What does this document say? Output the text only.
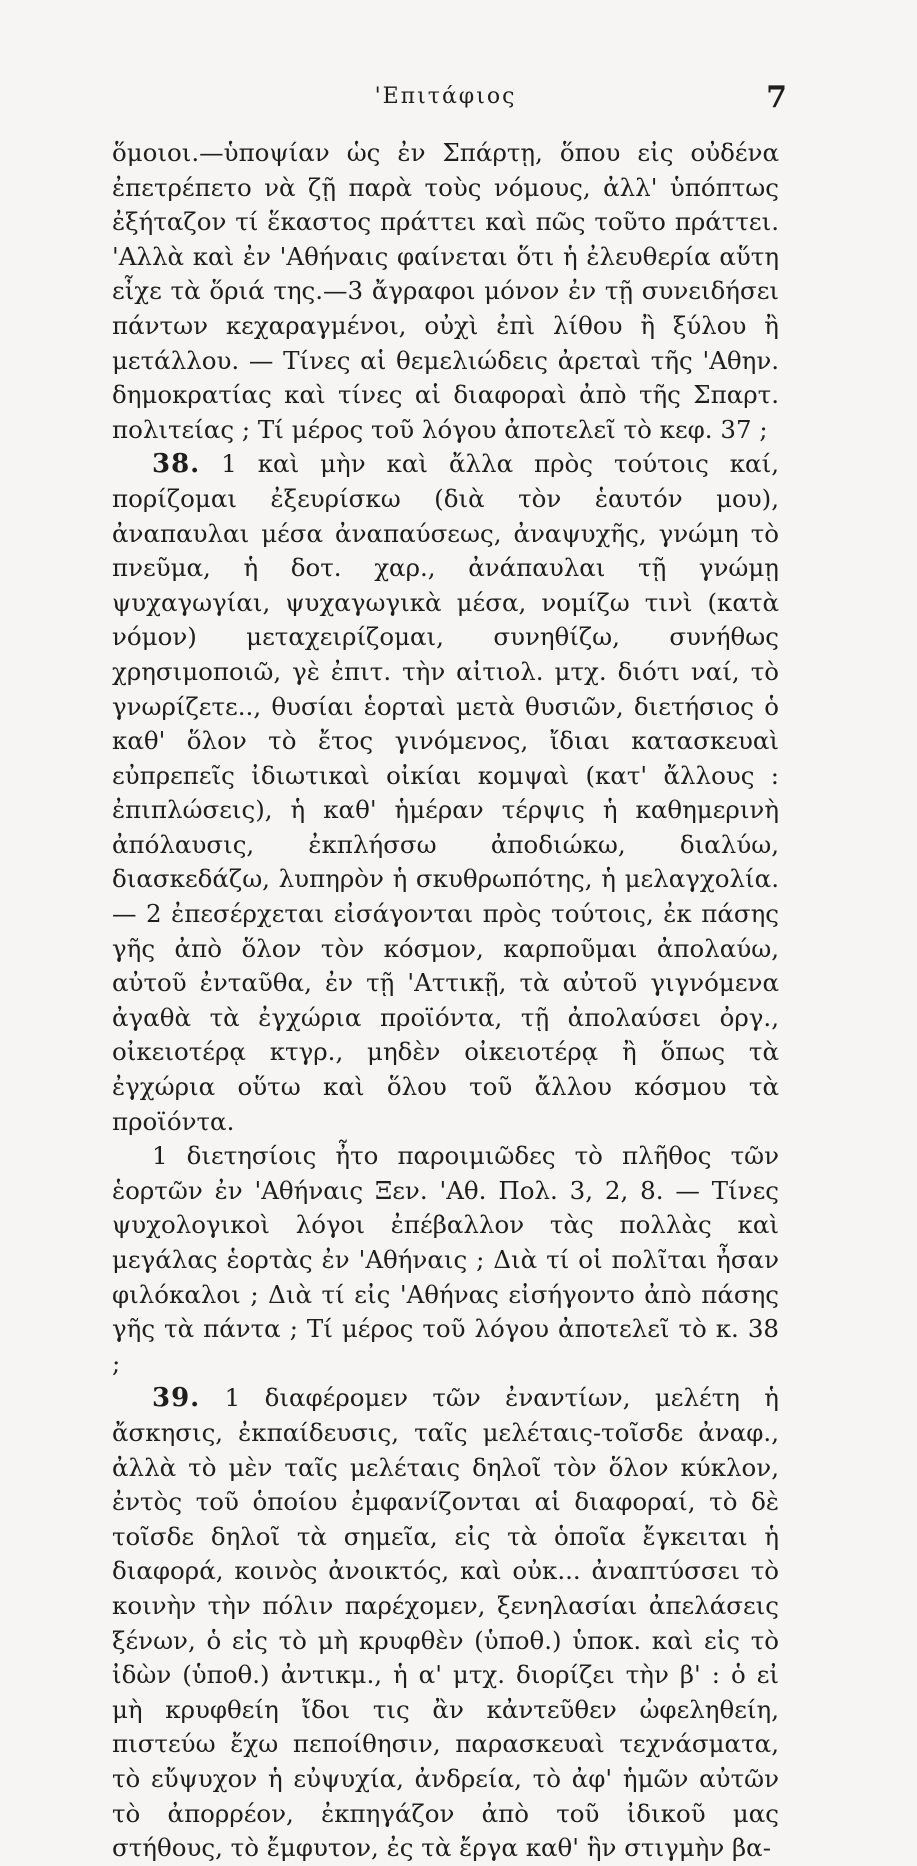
'Επιτάφιος	7

ὅμοιοι.—ὑποψίαν ὡς ἐν Σπάρτῃ, ὅπου εἰς οὐδένα ἐπετρέπετο νὰ ζῇ παρὰ τοὺς νόμους, ἀλλ' ὑπόπτως ἐξήταζον τί ἕκαστος πράττει καὶ πῶς τοῦτο πράττει. 'Αλλὰ καὶ ἐν 'Αθήναις φαίνεται ὅτι ἡ ἐλευθερία αὕτη εἶχε τὰ ὅριά της.—3 ἄγραφοι μόνον ἐν τῇ συνειδήσει πάντων κεχαραγμένοι, οὐχὶ ἐπὶ λίθου ἢ ξύλου ἢ μετάλλου. — Τίνες αἱ θεμελιώδεις ἀρεταὶ τῆς 'Αθην. δημοκρατίας καὶ τίνες αἱ διαφοραὶ ἀπὸ τῆς Σπαρτ. πολιτείας ; Τί μέρος τοῦ λόγου ἀποτελεῖ τὸ κεφ. 37 ;

38. 1 καὶ μὴν καὶ ἄλλα πρὸς τούτοις καί, πορίζομαι ἐξευρίσκω (διὰ τὸν ἑαυτόν μου), ἀναπαυλαι μέσα ἀναπαύσεως, ἀναψυχῆς, γνώμη τὸ πνεῦμα, ἡ δοτ. χαρ., ἀνάπαυλαι τῇ γνώμῃ ψυχαγωγίαι, ψυχαγωγικὰ μέσα, νομίζω τινὶ (κατὰ νόμον) μεταχειρίζομαι, συνηθίζω, συνήθως χρησιμοποιῶ, γὲ ἐπιτ. τὴν αἰτιολ. μτχ. διότι ναί, τὸ γνωρίζετε.., θυσίαι ἑορταὶ μετὰ θυσιῶν, διετήσιος ὁ καθ' ὅλον τὸ ἔτος γινόμενος, ἴδιαι κατασκευαὶ εὐπρεπεῖς ἰδιωτικαὶ οἰκίαι κομψαὶ (κατ' ἄλλους : ἐπιπλώσεις), ἡ καθ' ἡμέραν τέρψις ἡ καθημερινὴ ἀπόλαυσις, ἐκπλήσσω ἀποδιώκω, διαλύω, διασκεδάζω, λυπηρὸν ἡ σκυθρωπότης, ἡ μελαγχολία. — 2 ἐπεσέρχεται εἰσάγονται πρὸς τούτοις, ἐκ πάσης γῆς ἀπὸ ὅλον τὸν κόσμον, καρποῦμαι ἀπολαύω, αὐτοῦ ἐνταῦθα, ἐν τῇ 'Αττικῇ, τὰ αὐτοῦ γιγνόμενα ἀγαθὰ τὰ ἐγχώρια προϊόντα, τῇ ἀπολαύσει ὀργ., οἰκειοτέρᾳ κτγρ., μηδὲν οἰκειοτέρᾳ ἢ ὅπως τὰ ἐγχώρια οὕτω καὶ ὅλου τοῦ ἄλλου κόσμου τὰ προϊόντα.

1 διετησίοις ἦτο παροιμιῶδες τὸ πλῆθος τῶν ἑορτῶν ἐν 'Αθήναις Ξεν. 'Αθ. Πολ. 3, 2, 8. — Τίνες ψυχολογικοὶ λόγοι ἐπέβαλλον τὰς πολλὰς καὶ μεγάλας ἑορτὰς ἐν 'Αθήναις ; Διὰ τί οἱ πολῖται ἦσαν φιλόκαλοι ; Διὰ τί εἰς 'Αθήνας εἰσήγοντο ἀπὸ πάσης γῆς τὰ πάντα ; Τί μέρος τοῦ λόγου ἀποτελεῖ τὸ κ. 38 ;

39. 1 διαφέρομεν τῶν ἐναντίων, μελέτη ἡ ἄσκησις, ἐκπαίδευσις, ταῖς μελέταις-τοῖσδε ἀναφ., ἀλλὰ τὸ μὲν ταῖς μελέταις δηλοῖ τὸν ὅλον κύκλον, ἐντὸς τοῦ ὁποίου ἐμφανίζονται αἱ διαφοραί, τὸ δὲ τοῖσδε δηλοῖ τὰ σημεῖα, εἰς τὰ ὁποῖα ἔγκειται ἡ διαφορά, κοινὸς ἀνοικτός, καὶ οὐκ... ἀναπτύσσει τὸ κοινὴν τὴν πόλιν παρέχομεν, ξενηλασίαι ἀπελάσεις ξένων, ὁ εἰς τὸ μὴ κρυφθὲν (ὑποθ.) ὑποκ. καὶ εἰς τὸ ἰδὼν (ὑποθ.) ἀντικμ., ἡ α' μτχ. διορίζει τὴν β' : ὁ εἰ μὴ κρυφθείη ἴδοι τις ἂν κἀντεῦθεν ὠφεληθείη, πιστεύω ἔχω πεποίθησιν, παρασκευαὶ τεχνάσματα, τὸ εὔψυχον ἡ εὐψυχία, ἀνδρεία, τὸ ἀφ' ἡμῶν αὐτῶν τὸ ἀπορρέον, ἐκπηγάζον ἀπὸ τοῦ ἰδικοῦ μας στήθους, τὸ ἔμφυτον, ἐς τὰ ἔργα καθ' ἣν στιγμὴν βα-
